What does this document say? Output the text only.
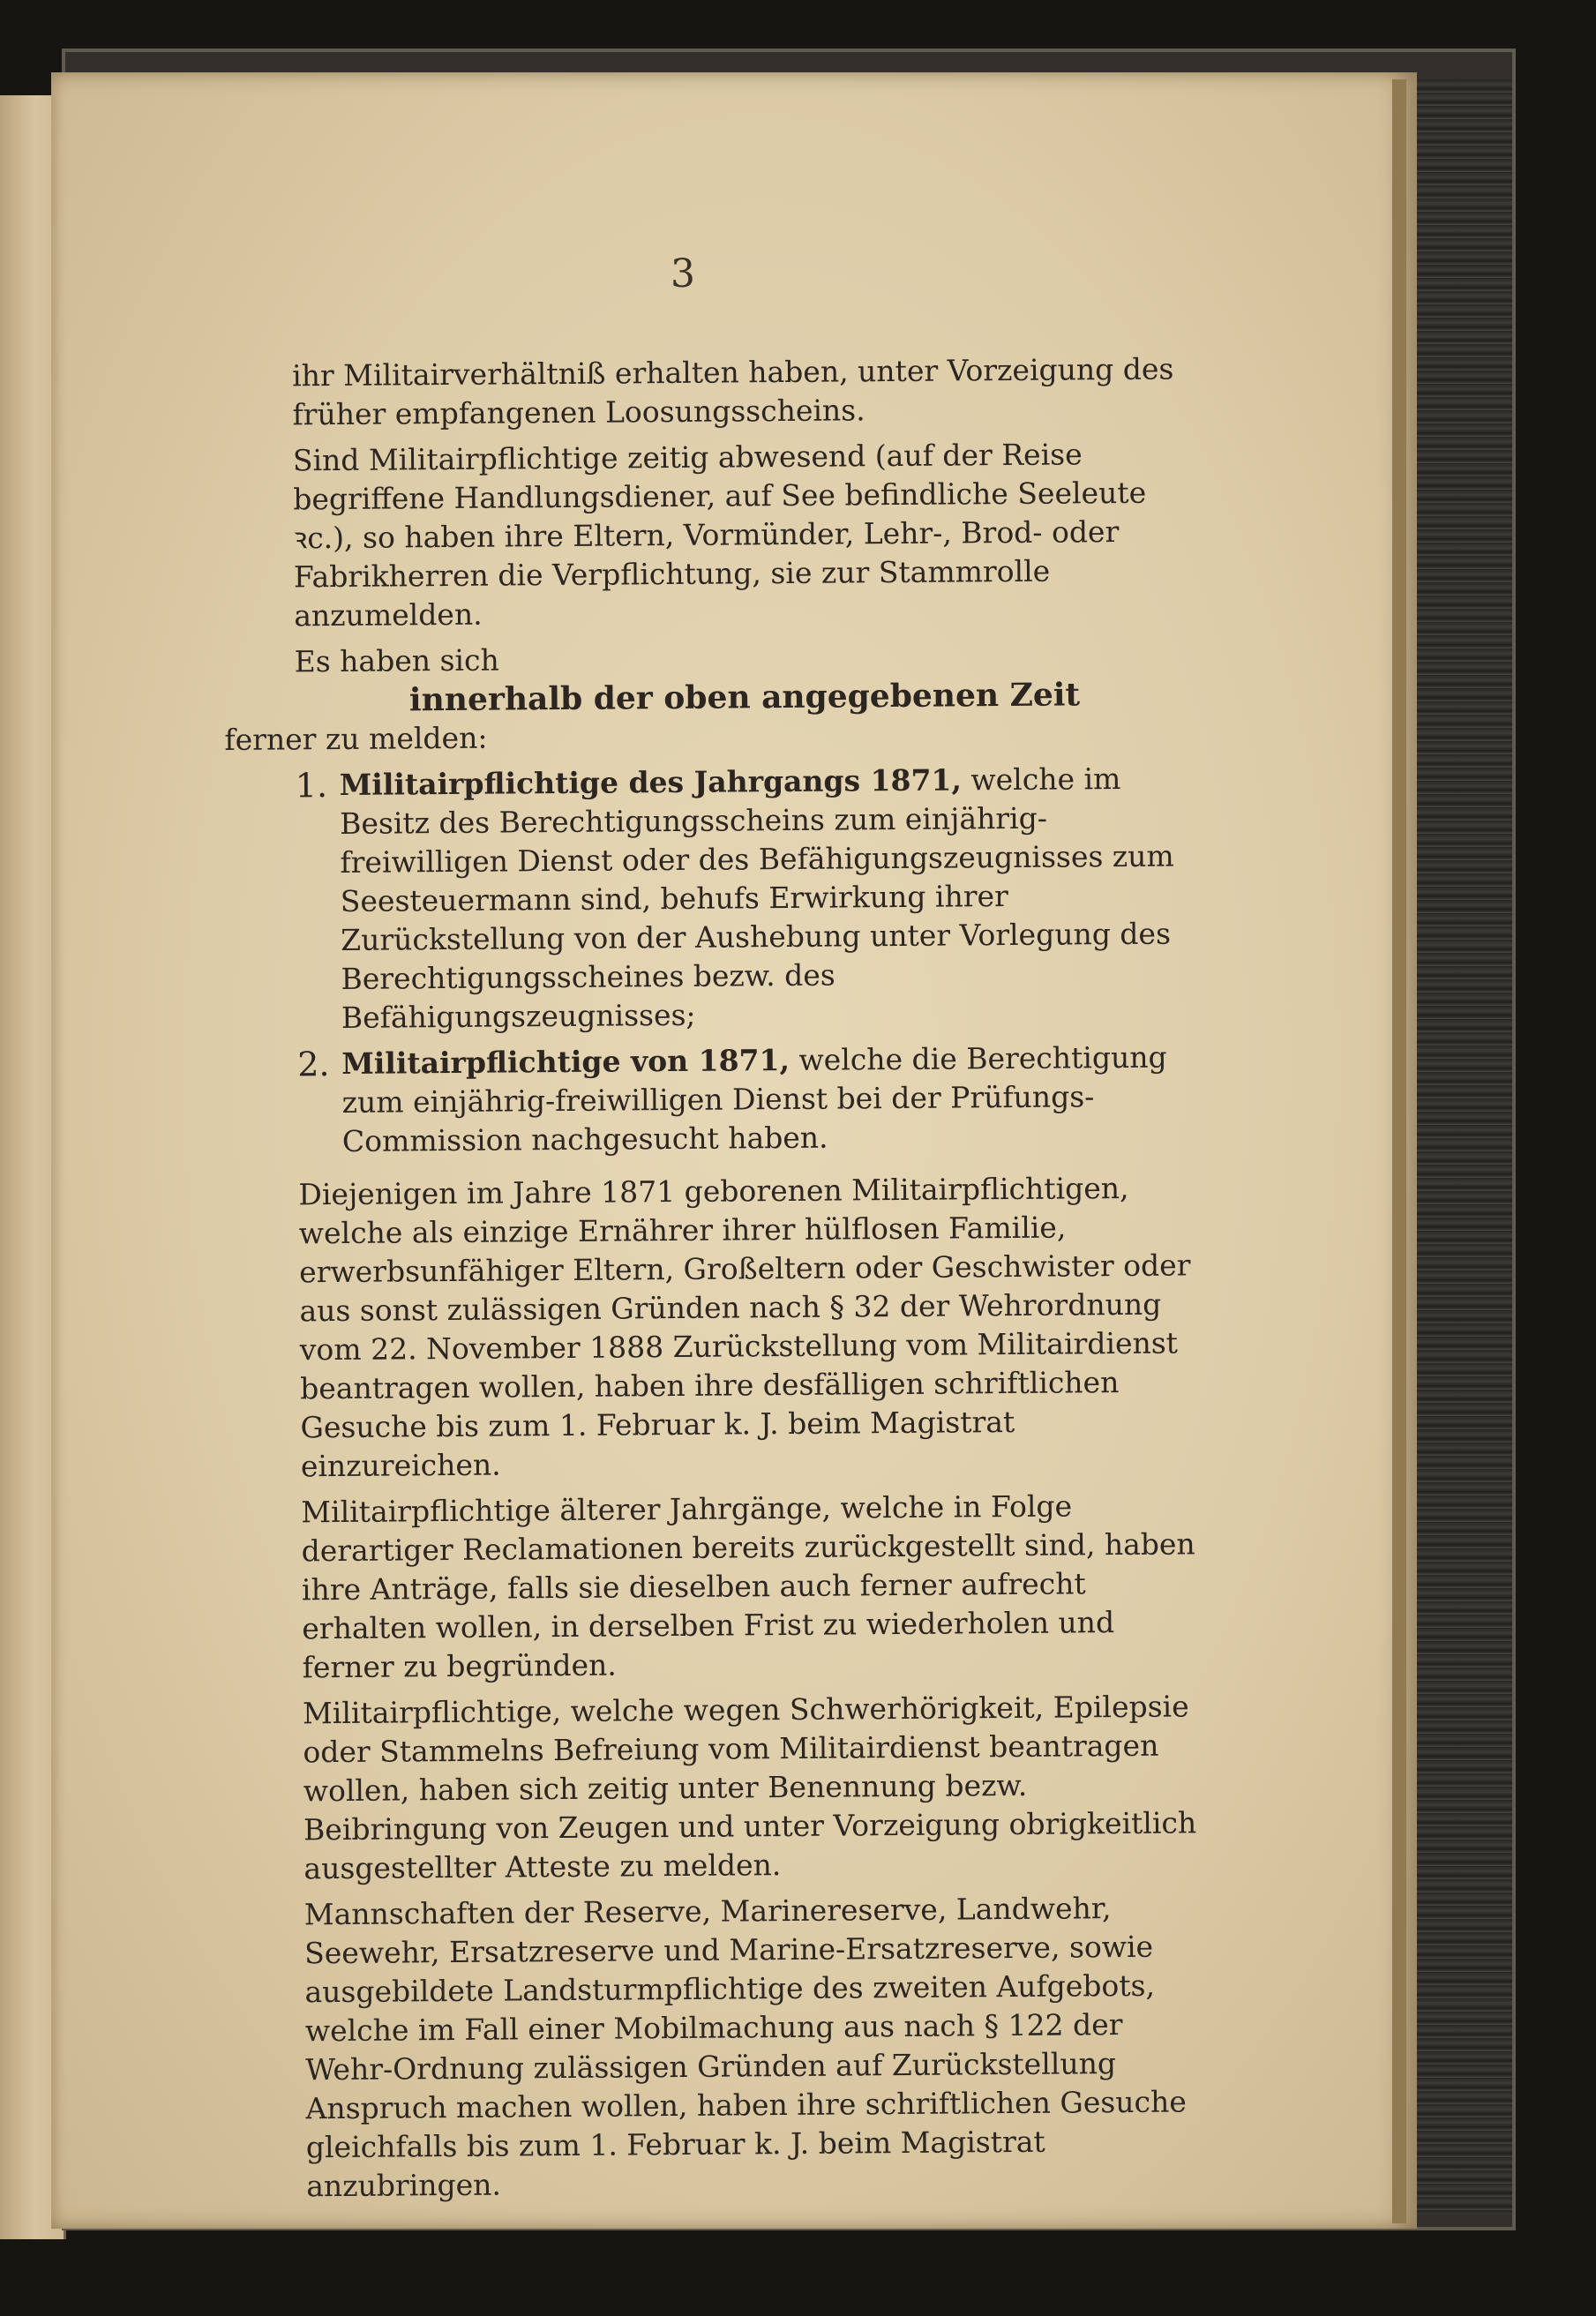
3

ihr Militairverhältniß erhalten haben, unter Vorzeigung des früher empfangenen Loosungsscheins.

Sind Militairpflichtige zeitig abwesend (auf der Reise begriffene Handlungsdiener, auf See befindliche Seeleute ꝛc.), so haben ihre Eltern, Vormünder, Lehr-, Brod- oder Fabrikherren die Verpflichtung, sie zur Stammrolle anzumelden.

Es haben sich

innerhalb der oben angegebenen Zeit

ferner zu melden:

1. Militairpflichtige des Jahrgangs 1871, welche im Besitz des Berechtigungsscheins zum einjährig-freiwilligen Dienst oder des Befähigungszeugnisses zum Seesteuermann sind, behufs Erwirkung ihrer Zurückstellung von der Aushebung unter Vorlegung des Berechtigungsscheines bezw. des Befähigungszeugnisses;
2. Militairpflichtige von 1871, welche die Berechtigung zum einjährig-freiwilligen Dienst bei der Prüfungs-Commission nachgesucht haben.

Diejenigen im Jahre 1871 geborenen Militairpflichtigen, welche als einzige Ernährer ihrer hülflosen Familie, erwerbsunfähiger Eltern, Großeltern oder Geschwister oder aus sonst zulässigen Gründen nach § 32 der Wehrordnung vom 22. November 1888 Zurückstellung vom Militairdienst beantragen wollen, haben ihre desfälligen schriftlichen Gesuche bis zum 1. Februar k. J. beim Magistrat einzureichen.

Militairpflichtige älterer Jahrgänge, welche in Folge derartiger Reclamationen bereits zurückgestellt sind, haben ihre Anträge, falls sie dieselben auch ferner aufrecht erhalten wollen, in derselben Frist zu wiederholen und ferner zu begründen.

Militairpflichtige, welche wegen Schwerhörigkeit, Epilepsie oder Stammelns Befreiung vom Militairdienst beantragen wollen, haben sich zeitig unter Benennung bezw. Beibringung von Zeugen und unter Vorzeigung obrigkeitlich ausgestellter Atteste zu melden.

Mannschaften der Reserve, Marinereserve, Landwehr, Seewehr, Ersatzreserve und Marine-Ersatzreserve, sowie ausgebildete Landsturmpflichtige des zweiten Aufgebots, welche im Fall einer Mobilmachung aus nach § 122 der Wehr-Ordnung zulässigen Gründen auf Zurückstellung Anspruch machen wollen, haben ihre schriftlichen Gesuche gleichfalls bis zum 1. Februar k. J. beim Magistrat anzubringen.
